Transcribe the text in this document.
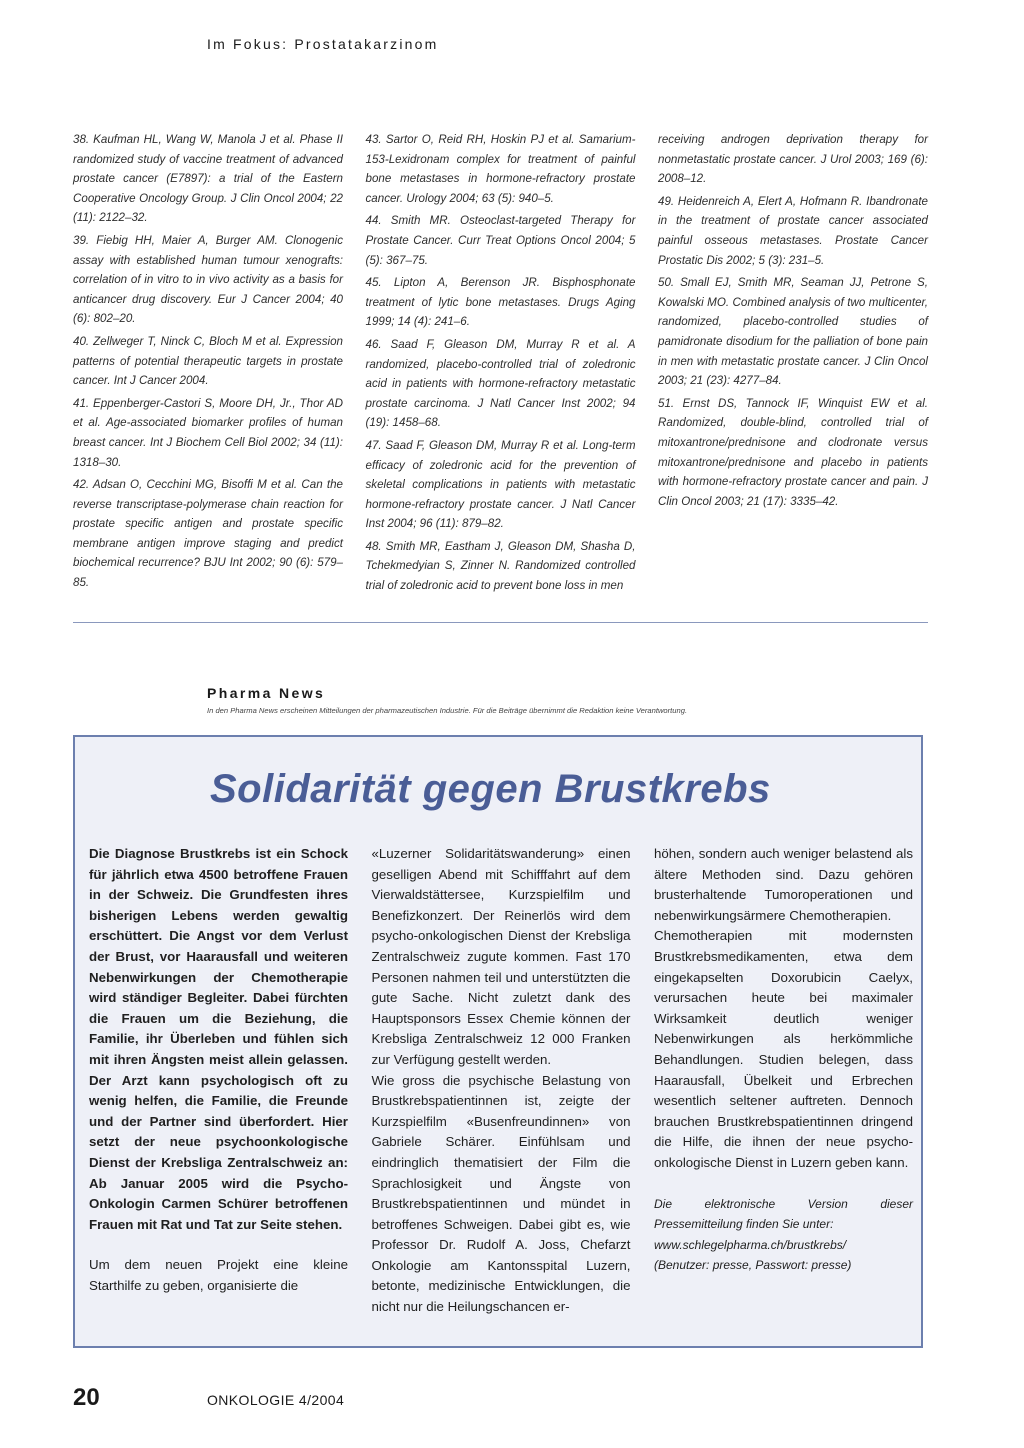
Im Fokus: Prostatakarzinom

38. Kaufman HL, Wang W, Manola J et al. Phase II randomized study of vaccine treatment of advanced prostate cancer (E7897): a trial of the Eastern Cooperative Oncology Group. J Clin Oncol 2004; 22 (11): 2122–32.

39. Fiebig HH, Maier A, Burger AM. Clonogenic assay with established human tumour xenografts: correlation of in vitro to in vivo activity as a basis for anticancer drug discovery. Eur J Cancer 2004; 40 (6): 802–20.

40. Zellweger T, Ninck C, Bloch M et al. Expression patterns of potential therapeutic targets in prostate cancer. Int J Cancer 2004.

41. Eppenberger-Castori S, Moore DH, Jr., Thor AD et al. Age-associated biomarker profiles of human breast cancer. Int J Biochem Cell Biol 2002; 34 (11): 1318–30.

42. Adsan O, Cecchini MG, Bisoffi M et al. Can the reverse transcriptase-polymerase chain reaction for prostate specific antigen and prostate specific membrane antigen improve staging and predict biochemical recurrence? BJU Int 2002; 90 (6): 579–85.

43. Sartor O, Reid RH, Hoskin PJ et al. Samarium-153-Lexidronam complex for treatment of painful bone metastases in hormone-refractory prostate cancer. Urology 2004; 63 (5): 940–5.

44. Smith MR. Osteoclast-targeted Therapy for Prostate Cancer. Curr Treat Options Oncol 2004; 5 (5): 367–75.

45. Lipton A, Berenson JR. Bisphosphonate treatment of lytic bone metastases. Drugs Aging 1999; 14 (4): 241–6.

46. Saad F, Gleason DM, Murray R et al. A randomized, placebo-controlled trial of zoledronic acid in patients with hormone-refractory metastatic prostate carcinoma. J Natl Cancer Inst 2002; 94 (19): 1458–68.

47. Saad F, Gleason DM, Murray R et al. Long-term efficacy of zoledronic acid for the prevention of skeletal complications in patients with metastatic hormone-refractory prostate cancer. J Natl Cancer Inst 2004; 96 (11): 879–82.

48. Smith MR, Eastham J, Gleason DM, Shasha D, Tchekmedyian S, Zinner N. Randomized controlled trial of zoledronic acid to prevent bone loss in men

receiving androgen deprivation therapy for nonmetastatic prostate cancer. J Urol 2003; 169 (6): 2008–12.

49. Heidenreich A, Elert A, Hofmann R. Ibandronate in the treatment of prostate cancer associated painful osseous metastases. Prostate Cancer Prostatic Dis 2002; 5 (3): 231–5.

50. Small EJ, Smith MR, Seaman JJ, Petrone S, Kowalski MO. Combined analysis of two multicenter, randomized, placebo-controlled studies of pamidronate disodium for the palliation of bone pain in men with metastatic prostate cancer. J Clin Oncol 2003; 21 (23): 4277–84.

51. Ernst DS, Tannock IF, Winquist EW et al. Randomized, double-blind, controlled trial of mitoxantrone/prednisone and clodronate versus mitoxantrone/prednisone and placebo in patients with hormone-refractory prostate cancer and pain. J Clin Oncol 2003; 21 (17): 3335–42.

Pharma News
In den Pharma News erscheinen Mitteilungen der pharmazeutischen Industrie. Für die Beiträge übernimmt die Redaktion keine Verantwortung.
Solidarität gegen Brustkrebs

Die Diagnose Brustkrebs ist ein Schock für jährlich etwa 4500 betroffene Frauen in der Schweiz. Die Grundfesten ihres bisherigen Lebens werden gewaltig erschüttert. Die Angst vor dem Verlust der Brust, vor Haarausfall und weiteren Nebenwirkungen der Chemotherapie wird ständiger Begleiter. Dabei fürchten die Frauen um die Beziehung, die Familie, ihr Überleben und fühlen sich mit ihren Ängsten meist allein gelassen. Der Arzt kann psychologisch oft zu wenig helfen, die Familie, die Freunde und der Partner sind überfordert. Hier setzt der neue psychoonkologische Dienst der Krebsliga Zentralschweiz an: Ab Januar 2005 wird die Psycho-Onkologin Carmen Schürer betroffenen Frauen mit Rat und Tat zur Seite stehen.

Um dem neuen Projekt eine kleine Starthilfe zu geben, organisierte die

«Luzerner Solidaritätswanderung» einen geselligen Abend mit Schifffahrt auf dem Vierwaldstättersee, Kurzspielfilm und Benefizkonzert. Der Reinerlös wird dem psycho-onkologischen Dienst der Krebsliga Zentralschweiz zugute kommen. Fast 170 Personen nahmen teil und unterstützten die gute Sache. Nicht zuletzt dank des Hauptsponsors Essex Chemie können der Krebsliga Zentralschweiz 12 000 Franken zur Verfügung gestellt werden.

Wie gross die psychische Belastung von Brustkrebspatientinnen ist, zeigte der Kurzspielfilm «Busenfreundinnen» von Gabriele Schärer. Einfühlsam und eindringlich thematisiert der Film die Sprachlosigkeit und Ängste von Brustkrebspatientinnen und mündet in betroffenes Schweigen. Dabei gibt es, wie Professor Dr. Rudolf A. Joss, Chefarzt Onkologie am Kantonsspital Luzern, betonte, medizinische Entwicklungen, die nicht nur die Heilungschancen er-

höhen, sondern auch weniger belastend als ältere Methoden sind. Dazu gehören brusterhaltende Tumoroperationen und nebenwirkungsärmere Chemotherapien.

Chemotherapien mit modernsten Brustkrebsmedikamenten, etwa dem eingekapselten Doxorubicin Caelyx, verursachen heute bei maximaler Wirksamkeit deutlich weniger Nebenwirkungen als herkömmliche Behandlungen. Studien belegen, dass Haarausfall, Übelkeit und Erbrechen wesentlich seltener auftreten. Dennoch brauchen Brustkrebspatientinnen dringend die Hilfe, die ihnen der neue psycho-onkologische Dienst in Luzern geben kann.

Die elektronische Version dieser Pressemitteilung finden Sie unter:

www.schlegelpharma.ch/brustkrebs/

(Benutzer: presse, Passwort: presse)

20	ONKOLOGIE 4/2004
